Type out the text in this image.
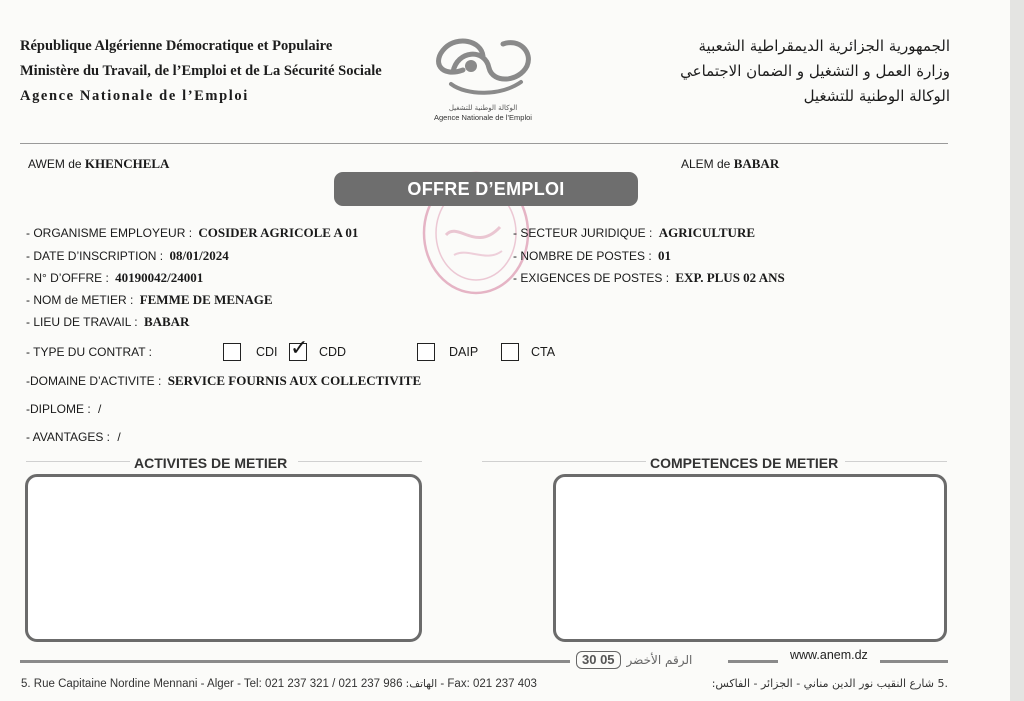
République Algérienne Démocratique et Populaire
Ministère du Travail, de l’Emploi et de La Sécurité Sociale
Agence Nationale de l’Emploi
الوكالة الوطنية للتشغيل
Agence Nationale de l’Emploi
الجمهورية الجزائرية الديمقراطية الشعبية
وزارة العمل و التشغيل و الضمان الاجتماعي
الوكالة الوطنية للتشغيل
AWEM de KHENCHELA	ALEM de BABAR
OFFRE D’EMPLOI
- ORGANISME EMPLOYEUR : COSIDER AGRICOLE A 01
- DATE D’INSCRIPTION : 08/01/2024
- N° D’OFFRE : 40190042/24001
- NOM de METIER : FEMME DE MENAGE
- LIEU DE TRAVAIL : BABAR
- SECTEUR JURIDIQUE : AGRICULTURE
- NOMBRE DE POSTES : 01
- EXIGENCES DE POSTES : EXP. PLUS 02 ANS
- TYPE DU CONTRAT :	CDI ✓ CDD	DAIP	CTA
-DOMAINE D’ACTIVITE : SERVICE FOURNIS AUX COLLECTIVITE
-DIPLOME : /
- AVANTAGES : /
ACTIVITES DE METIER	COMPETENCES DE METIER
30 05	الرقم الأخضر	www.anem.dz
5. Rue Capitaine Nordine Mennani - Alger - Tel: 021 237 321 / 021 237 986 :الهاتف - Fax: 021 237 403	.5 شارع النقيب نور الدين مناني - الجزائر - الفاكس:
